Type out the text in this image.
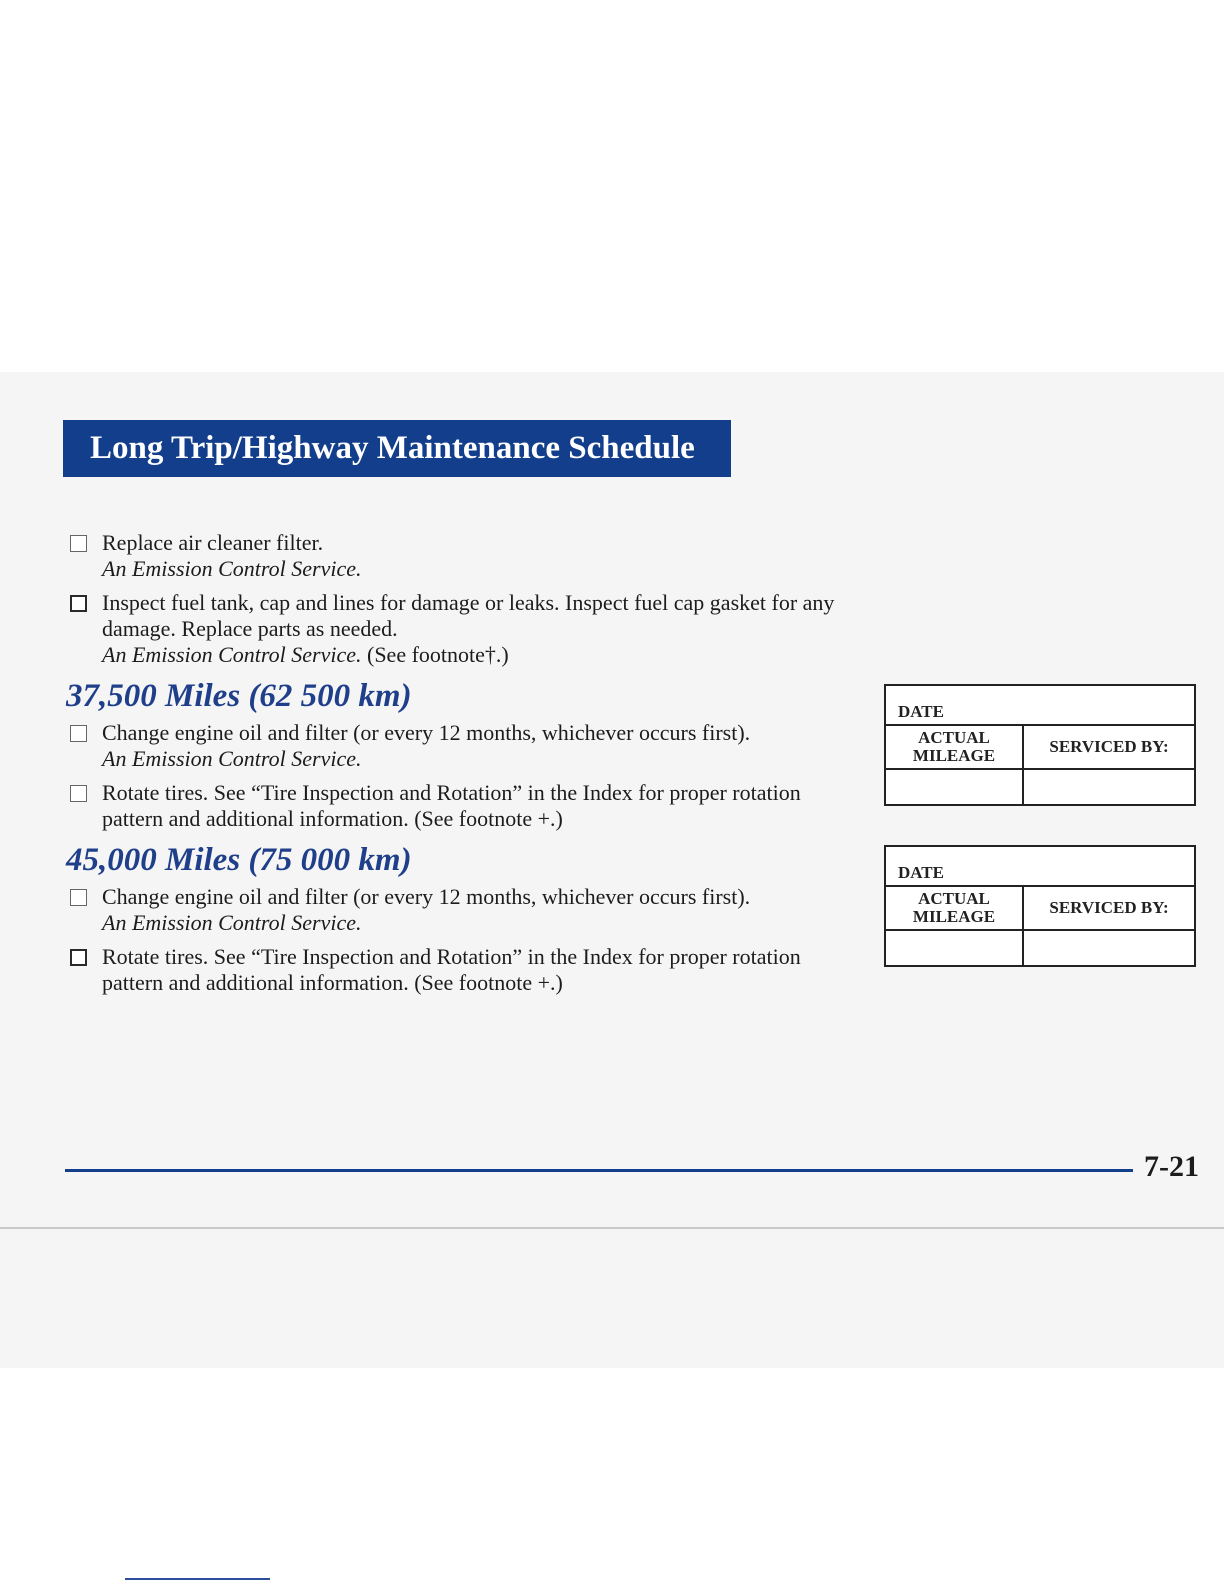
Long Trip/Highway Maintenance Schedule

Replace air cleaner filter.

An Emission Control Service.

Inspect fuel tank, cap and lines for damage or leaks. Inspect fuel cap gasket for any damage. Replace parts as needed.

An Emission Control Service. (See footnote†.)

37,500 Miles (62 500 km)

Change engine oil and filter (or every 12 months, whichever occurs first).

An Emission Control Service.

Rotate tires. See “Tire Inspection and Rotation” in the Index for proper rotation pattern and additional information. (See footnote +.)

45,000 Miles (75 000 km)

Change engine oil and filter (or every 12 months, whichever occurs first).

An Emission Control Service.

Rotate tires. See “Tire Inspection and Rotation” in the Index for proper rotation pattern and additional information. (See footnote +.)

DATE	
ACTUAL
MILEAGE	SERVICED BY:

DATE	
ACTUAL
MILEAGE	SERVICED BY:

7-21
